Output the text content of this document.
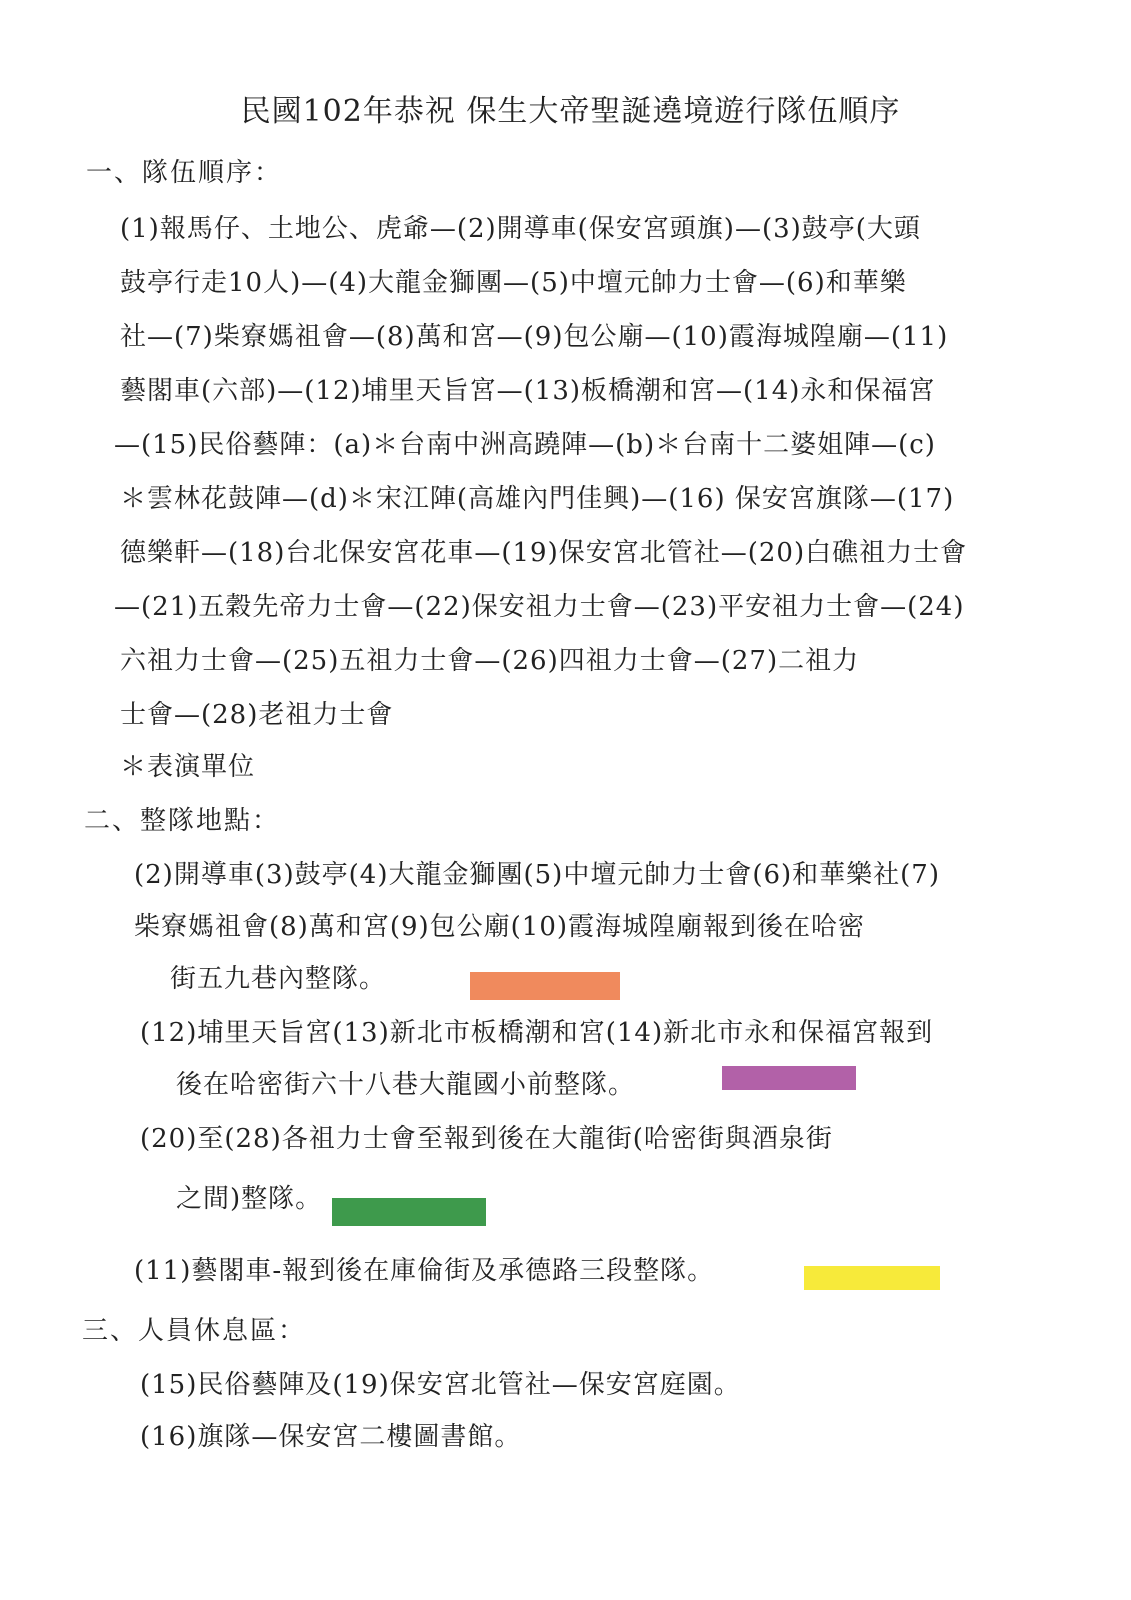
民國102年恭祝 保生大帝聖誕遶境遊行隊伍順序
一、隊伍順序：
(1)報馬仔、土地公、虎爺—(2)開導車(保安宮頭旗)—(3)鼓亭(大頭
鼓亭行走10人)—(4)大龍金獅團—(5)中壇元帥力士會—(6)和華樂
社—(7)柴寮媽祖會—(8)萬和宮—(9)包公廟—(10)霞海城隍廟—(11)
藝閣車(六部)—(12)埔里天旨宮—(13)板橋潮和宮—(14)永和保福宮
—(15)民俗藝陣：(a)＊台南中洲高蹺陣—(b)＊台南十二婆姐陣—(c)
＊雲林花鼓陣—(d)＊宋江陣(高雄內門佳興)—(16) 保安宮旗隊—(17)
德樂軒—(18)台北保安宮花車—(19)保安宮北管社—(20)白礁祖力士會
—(21)五穀先帝力士會—(22)保安祖力士會—(23)平安祖力士會—(24)
六祖力士會—(25)五祖力士會—(26)四祖力士會—(27)二祖力
士會—(28)老祖力士會
＊表演單位
二、整隊地點：
(2)開導車(3)鼓亭(4)大龍金獅團(5)中壇元帥力士會(6)和華樂社(7)
柴寮媽祖會(8)萬和宮(9)包公廟(10)霞海城隍廟報到後在哈密
街五九巷內整隊。
(12)埔里天旨宮(13)新北市板橋潮和宮(14)新北市永和保福宮報到
後在哈密街六十八巷大龍國小前整隊。
(20)至(28)各祖力士會至報到後在大龍街(哈密街與酒泉街
之間)整隊。
(11)藝閣車-報到後在庫倫街及承德路三段整隊。
三、人員休息區：
(15)民俗藝陣及(19)保安宮北管社—保安宮庭園。
(16)旗隊—保安宮二樓圖書館。
